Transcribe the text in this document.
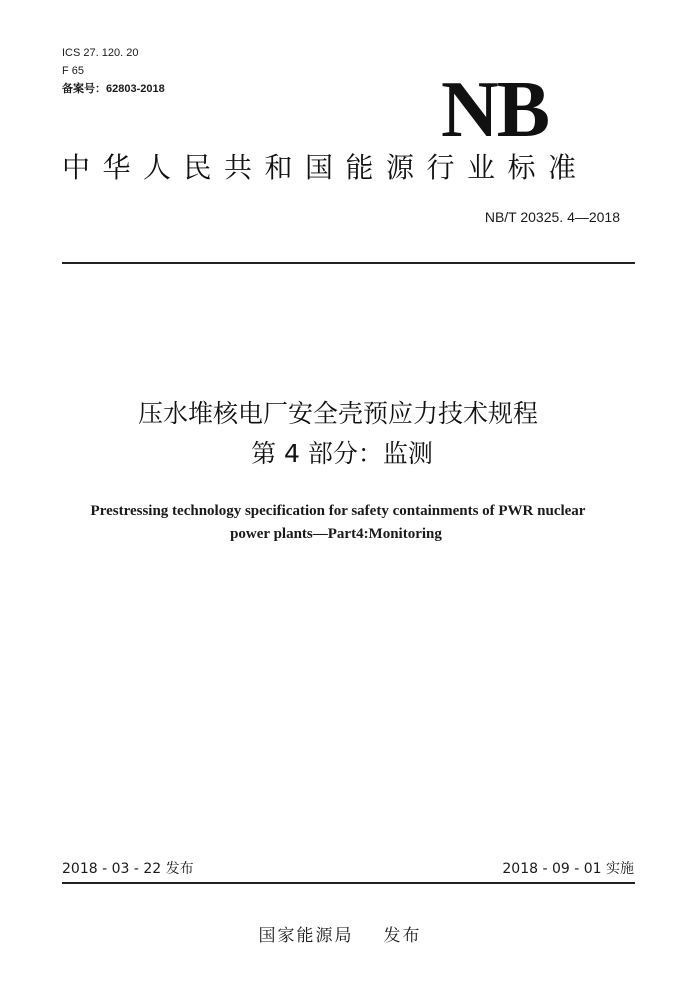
ICS 27. 120. 20
F 65
备案号：62803-2018	NB
中华人民共和国能源行业标准
NB/T 20325. 4—2018
压水堆核电厂安全壳预应力技术规程
第 4 部分：监测
Prestressing technology specification for safety containments of PWR nuclear
power plants—Part4:Monitoring
2018 - 03 - 22 发布	2018 - 09 - 01 实施
国家能源局 发布
